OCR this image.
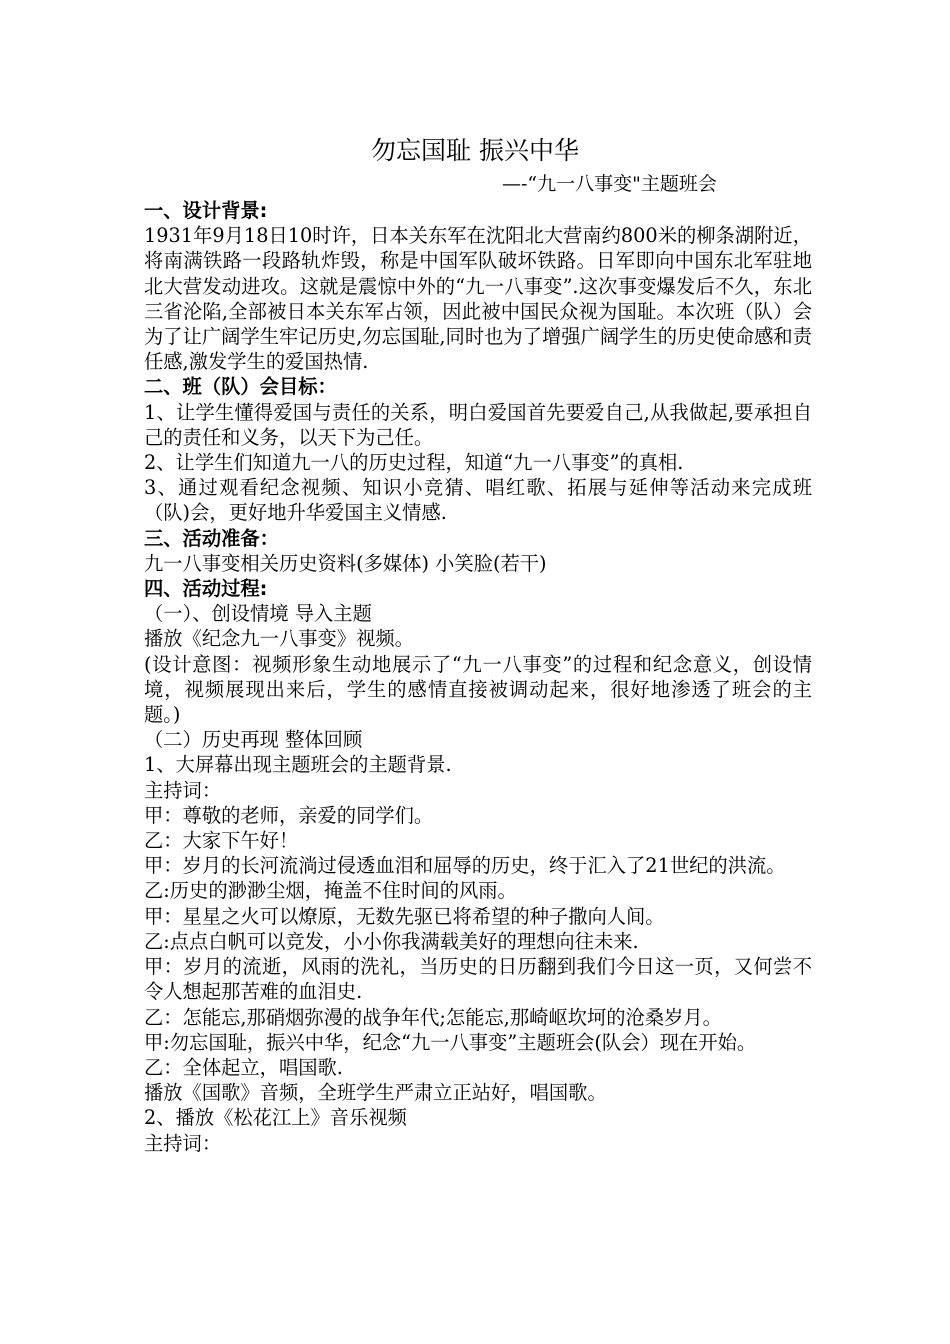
勿忘国耻 振兴中华
—-“九一八事变"主题班会

一、设计背景:

1931年9月18日10时许，日本关东军在沈阳北大营南约800米的柳条湖附近，将南满铁路一段路轨炸毁，称是中国军队破坏铁路。日军即向中国东北军驻地北大营发动进攻。这就是震惊中外的“九一八事变”.这次事变爆发后不久，东北三省沦陷,全部被日本关东军占领，因此被中国民众视为国耻。本次班（队）会为了让广阔学生牢记历史,勿忘国耻,同时也为了增强广阔学生的历史使命感和责任感,激发学生的爱国热情.

二、班（队）会目标：

1、让学生懂得爱国与责任的关系，明白爱国首先要爱自己,从我做起,要承担自己的责任和义务，以天下为己任。

2、让学生们知道九一八的历史过程，知道“九一八事变”的真相.

3、通过观看纪念视频、知识小竞猜、唱红歌、拓展与延伸等活动来完成班（队)会，更好地升华爱国主义情感.

三、活动准备：

九一八事变相关历史资料(多媒体) 小笑脸(若干)

四、活动过程:

（一）、创设情境 导入主题

播放《纪念九一八事变》视频。

(设计意图：视频形象生动地展示了“九一八事变”的过程和纪念意义，创设情境，视频展现出来后，学生的感情直接被调动起来，很好地渗透了班会的主题。)

（二）历史再现 整体回顾

1、大屏幕出现主题班会的主题背景.

主持词：

甲：尊敬的老师，亲爱的同学们。

乙：大家下午好！

甲：岁月的长河流淌过侵透血泪和屈辱的历史，终于汇入了21世纪的洪流。

乙:历史的渺渺尘烟，掩盖不住时间的风雨。

甲：星星之火可以燎原，无数先驱已将希望的种子撒向人间。

乙:点点白帆可以竞发，小小你我满载美好的理想向往未来.

甲：岁月的流逝，风雨的洗礼，当历史的日历翻到我们今日这一页，又何尝不令人想起那苦难的血泪史.

乙：怎能忘,那硝烟弥漫的战争年代;怎能忘,那崎岖坎坷的沧桑岁月。

甲:勿忘国耻，振兴中华，纪念“九一八事变”主题班会(队会）现在开始。

乙：全体起立，唱国歌.

播放《国歌》音频，全班学生严肃立正站好，唱国歌。

2、播放《松花江上》音乐视频

主持词：
